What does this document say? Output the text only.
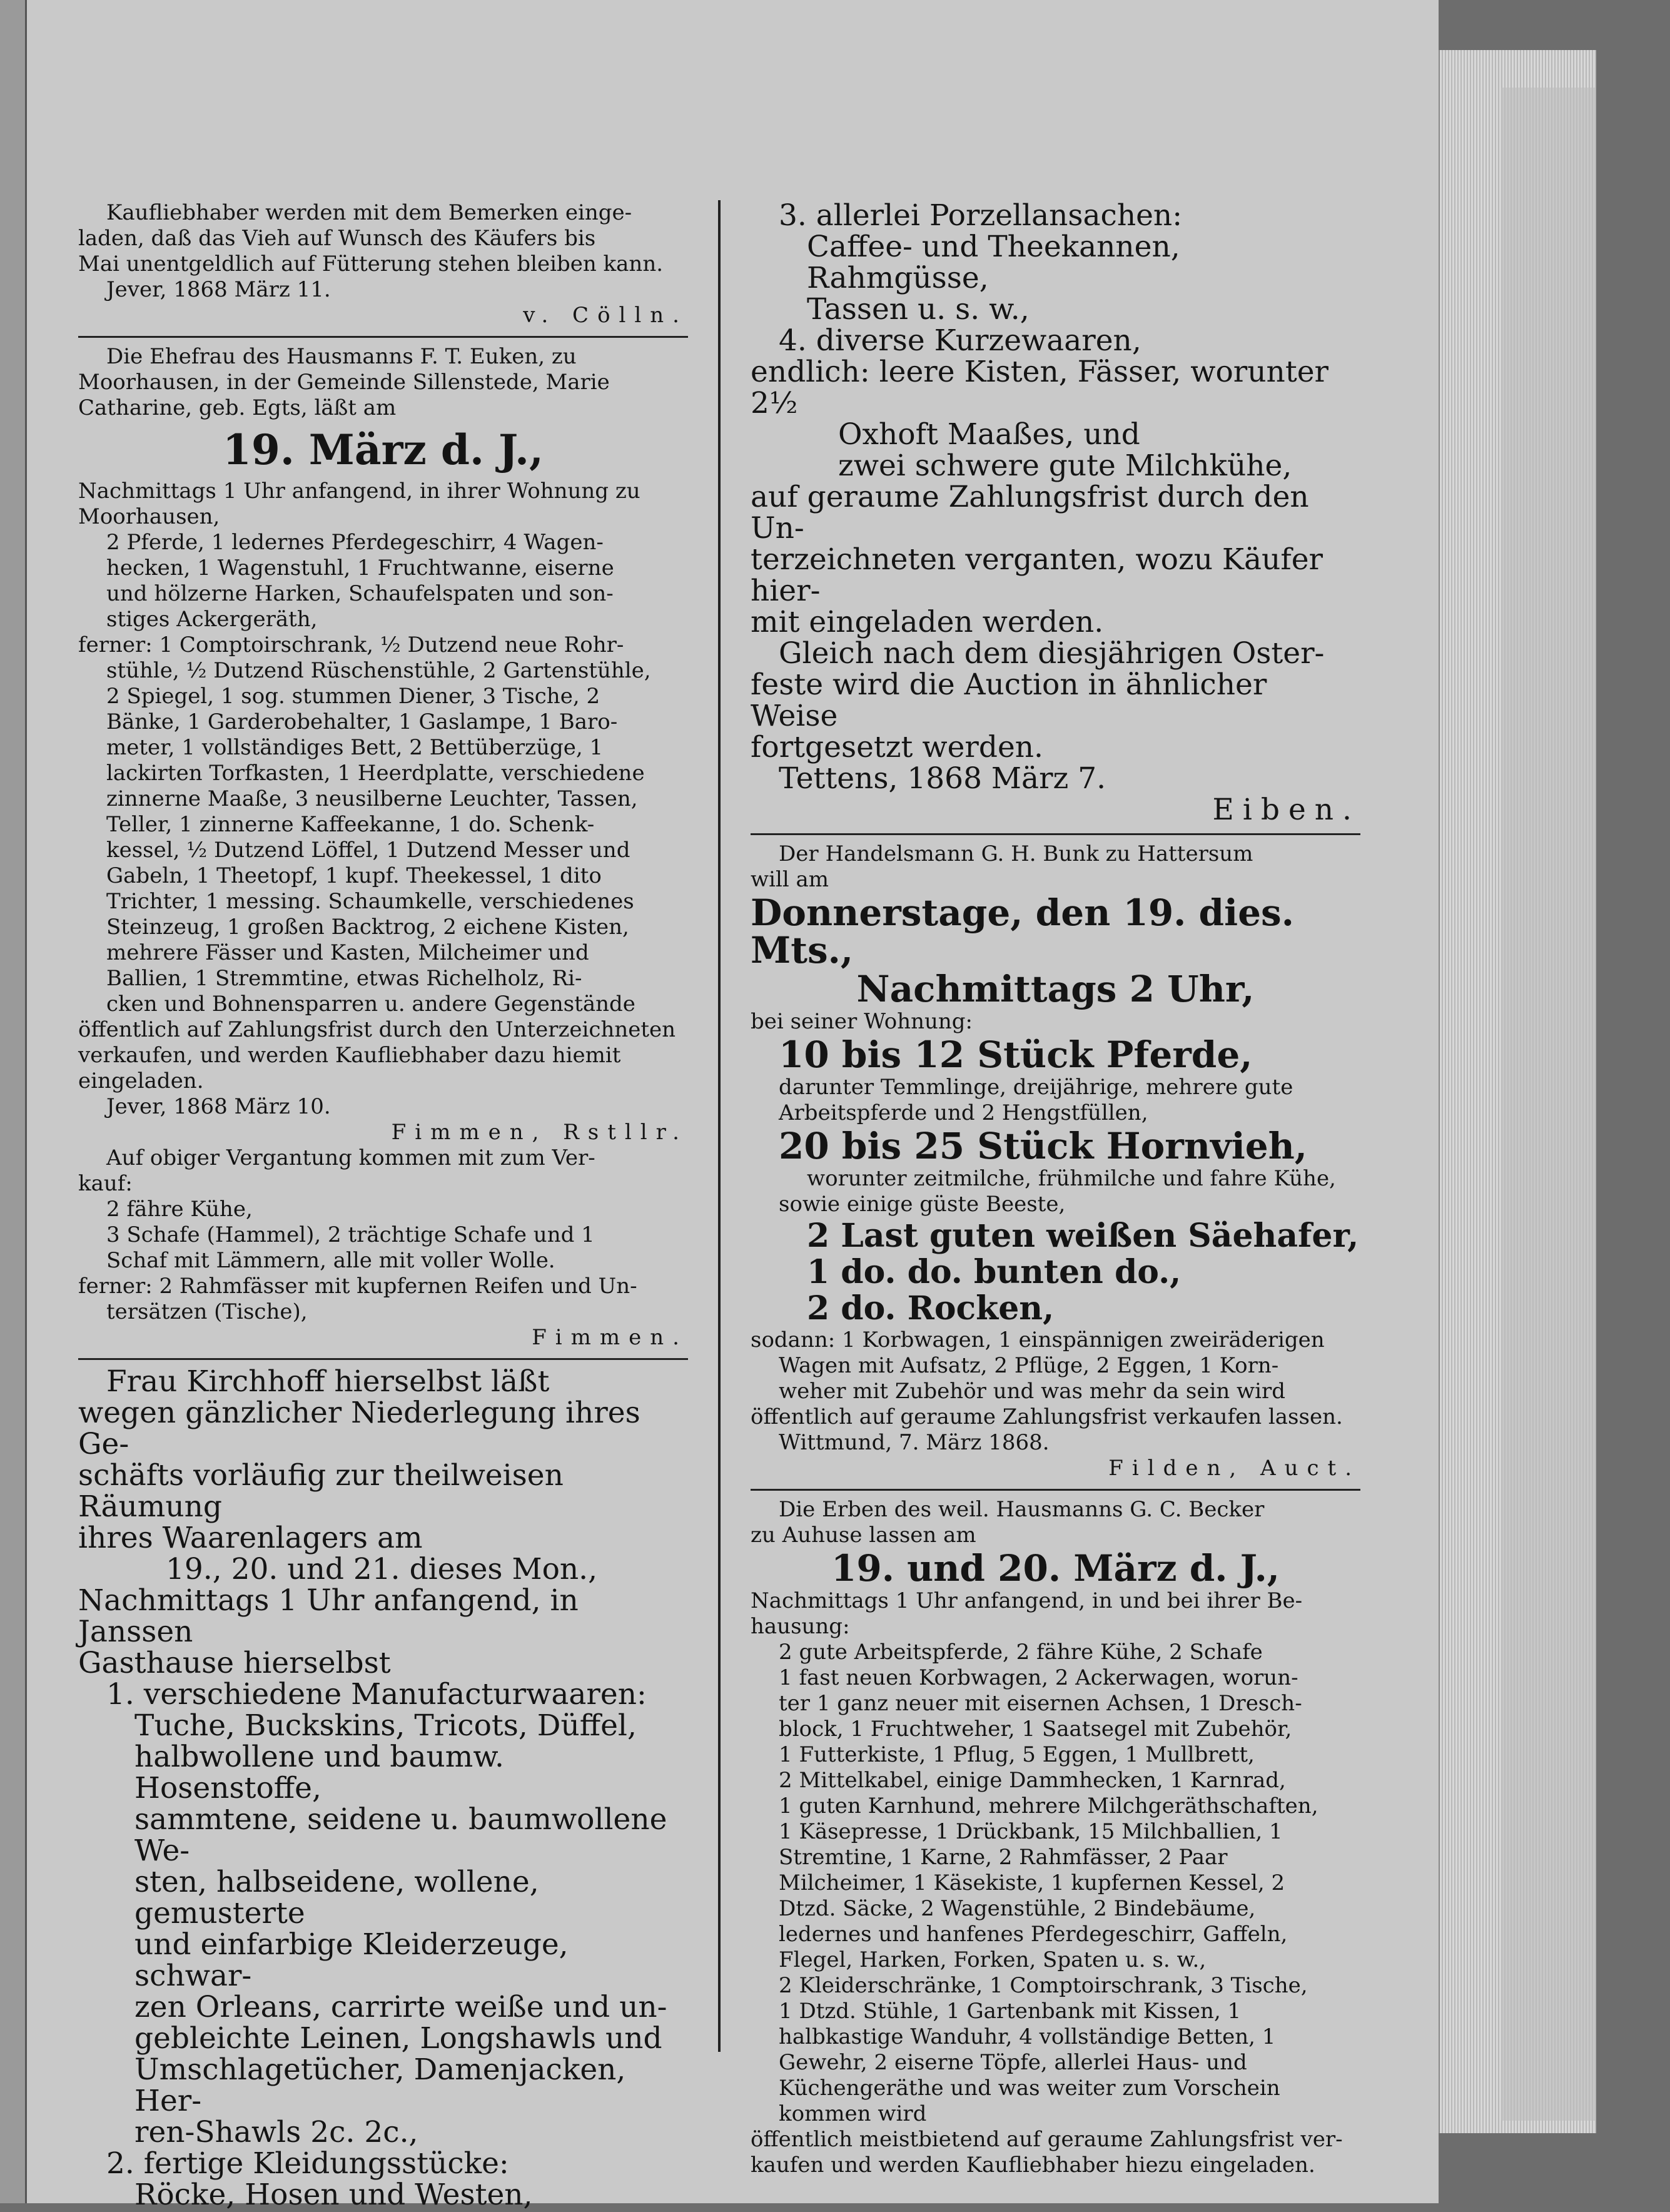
Kaufliebhaber werden mit dem Bemerken einge-

laden, daß das Vieh auf Wunsch des Käufers bis

Mai unentgeldlich auf Fütterung stehen bleiben kann.

Jever, 1868 März 11.

v. Cölln.

Die Ehefrau des Hausmanns F. T. Euken, zu

Moorhausen, in der Gemeinde Sillenstede, Marie

Catharine, geb. Egts, läßt am

19. März d. J.,

Nachmittags 1 Uhr anfangend, in ihrer Wohnung zu

Moorhausen,

2 Pferde, 1 ledernes Pferdegeschirr, 4 Wagen-

hecken, 1 Wagenstuhl, 1 Fruchtwanne, eiserne

und hölzerne Harken, Schaufelspaten und son-

stiges Ackergeräth,

ferner: 1 Comptoirschrank, ½ Dutzend neue Rohr-

stühle, ½ Dutzend Rüschenstühle, 2 Gartenstühle,

2 Spiegel, 1 sog. stummen Diener, 3 Tische, 2

Bänke, 1 Garderobehalter, 1 Gaslampe, 1 Baro-

meter, 1 vollständiges Bett, 2 Bettüberzüge, 1

lackirten Torfkasten, 1 Heerdplatte, verschiedene

zinnerne Maaße, 3 neusilberne Leuchter, Tassen,

Teller, 1 zinnerne Kaffeekanne, 1 do. Schenk-

kessel, ½ Dutzend Löffel, 1 Dutzend Messer und

Gabeln, 1 Theetopf, 1 kupf. Theekessel, 1 dito

Trichter, 1 messing. Schaumkelle, verschiedenes

Steinzeug, 1 großen Backtrog, 2 eichene Kisten,

mehrere Fässer und Kasten, Milcheimer und

Ballien, 1 Stremmtine, etwas Richelholz, Ri-

cken und Bohnensparren u. andere Gegenstände

öffentlich auf Zahlungsfrist durch den Unterzeichneten

verkaufen, und werden Kaufliebhaber dazu hiemit

eingeladen.

Jever, 1868 März 10.

Fimmen, Rstllr.

Auf obiger Vergantung kommen mit zum Ver-

kauf:

2 fähre Kühe,

3 Schafe (Hammel), 2 trächtige Schafe und 1

Schaf mit Lämmern, alle mit voller Wolle.

ferner: 2 Rahmfässer mit kupfernen Reifen und Un-

tersätzen (Tische),

Fimmen.

Frau Kirchhoff hierselbst läßt

wegen gänzlicher Niederlegung ihres Ge-

schäfts vorläufig zur theilweisen Räumung

ihres Waarenlagers am

19., 20. und 21. dieses Mon.,

Nachmittags 1 Uhr anfangend, in Janssen

Gasthause hierselbst

1. verschiedene Manufacturwaaren:

Tuche, Buckskins, Tricots, Düffel,

halbwollene und baumw. Hosenstoffe,

sammtene, seidene u. baumwollene We-

sten, halbseidene, wollene, gemusterte

und einfarbige Kleiderzeuge, schwar-

zen Orleans, carrirte weiße und un-

gebleichte Leinen, Longshawls und

Umschlagetücher, Damenjacken, Her-

ren-Shawls 2c. 2c.,

2. fertige Kleidungsstücke:

Röcke, Hosen und Westen,

3. allerlei Porzellansachen:

Caffee- und Theekannen, Rahmgüsse,

Tassen u. s. w.,

4. diverse Kurzewaaren,

endlich: leere Kisten, Fässer, worunter 2½

Oxhoft Maaßes, und

zwei schwere gute Milchkühe,

auf geraume Zahlungsfrist durch den Un-

terzeichneten verganten, wozu Käufer hier-

mit eingeladen werden.

Gleich nach dem diesjährigen Oster-

feste wird die Auction in ähnlicher Weise

fortgesetzt werden.

Tettens, 1868 März 7.

Eiben.

Der Handelsmann G. H. Bunk zu Hattersum

will am

Donnerstage, den 19. dies. Mts.,

Nachmittags 2 Uhr,

bei seiner Wohnung:

10 bis 12 Stück Pferde,

darunter Temmlinge, dreijährige, mehrere gute

Arbeitspferde und 2 Hengstfüllen,

20 bis 25 Stück Hornvieh,

worunter zeitmilche, frühmilche und fahre Kühe,

sowie einige güste Beeste,

2 Last guten weißen Säehafer,

1 do. do. bunten do.,

2 do. Rocken,

sodann: 1 Korbwagen, 1 einspännigen zweiräderigen

Wagen mit Aufsatz, 2 Pflüge, 2 Eggen, 1 Korn-

weher mit Zubehör und was mehr da sein wird

öffentlich auf geraume Zahlungsfrist verkaufen lassen.

Wittmund, 7. März 1868.

Filden, Auct.

Die Erben des weil. Hausmanns G. C. Becker

zu Auhuse lassen am

19. und 20. März d. J.,

Nachmittags 1 Uhr anfangend, in und bei ihrer Be-

hausung:

2 gute Arbeitspferde, 2 fähre Kühe, 2 Schafe

1 fast neuen Korbwagen, 2 Ackerwagen, worun-

ter 1 ganz neuer mit eisernen Achsen, 1 Dresch-

block, 1 Fruchtweher, 1 Saatsegel mit Zubehör,

1 Futterkiste, 1 Pflug, 5 Eggen, 1 Mullbrett,

2 Mittelkabel, einige Dammhecken, 1 Karnrad,

1 guten Karnhund, mehrere Milchgeräthschaften,

1 Käsepresse, 1 Drückbank, 15 Milchballien, 1

Stremtine, 1 Karne, 2 Rahmfässer, 2 Paar

Milcheimer, 1 Käsekiste, 1 kupfernen Kessel, 2

Dtzd. Säcke, 2 Wagenstühle, 2 Bindebäume,

ledernes und hanfenes Pferdegeschirr, Gaffeln,

Flegel, Harken, Forken, Spaten u. s. w.,

2 Kleiderschränke, 1 Comptoirschrank, 3 Tische,

1 Dtzd. Stühle, 1 Gartenbank mit Kissen, 1

halbkastige Wanduhr, 4 vollständige Betten, 1

Gewehr, 2 eiserne Töpfe, allerlei Haus- und

Küchengeräthe und was weiter zum Vorschein

kommen wird

öffentlich meistbietend auf geraume Zahlungsfrist ver-

kaufen und werden Kaufliebhaber hiezu eingeladen.
